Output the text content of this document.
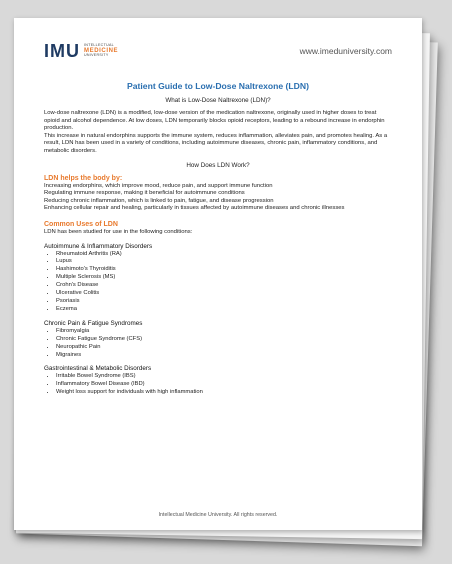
IMU INTELLECTUAL
MEDICINE
UNIVERSITY	www.imeduniversity.com
Patient Guide to Low-Dose Naltrexone (LDN)
What is Low-Dose Naltrexone (LDN)?

Low-dose naltrexone (LDN) is a modified, low-dose version of the medication naltrexone, originally used in higher doses to treat opioid and alcohol dependence. At low doses, LDN temporarily blocks opioid receptors, leading to a rebound increase in endorphin production.

This increase in natural endorphins supports the immune system, reduces inflammation, alleviates pain, and promotes healing. As a result, LDN has been used in a variety of conditions, including autoimmune diseases, chronic pain, inflammatory conditions, and metabolic disorders.

How Does LDN Work?
LDN helps the body by:
Increasing endorphins, which improve mood, reduce pain, and support immune function
Regulating immune response, making it beneficial for autoimmune conditions
Reducing chronic inflammation, which is linked to pain, fatigue, and disease progression
Enhancing cellular repair and healing, particularly in tissues affected by autoimmune diseases and chronic illnesses
Common Uses of LDN
LDN has been studied for use in the following conditions:
Autoimmune & Inflammatory Disorders
• Rheumatoid Arthritis (RA)
• Lupus
• Hashimoto's Thyroiditis
• Multiple Sclerosis (MS)
• Crohn's Disease
• Ulcerative Colitis
• Psoriasis
• Eczema
Chronic Pain & Fatigue Syndromes
• Fibromyalgia
• Chronic Fatigue Syndrome (CFS)
• Neuropathic Pain
• Migraines
Gastrointestinal & Metabolic Disorders
• Irritable Bowel Syndrome (IBS)
• Inflammatory Bowel Disease (IBD)
• Weight loss support for individuals with high inflammation
Intellectual Medicine University. All rights reserved.
